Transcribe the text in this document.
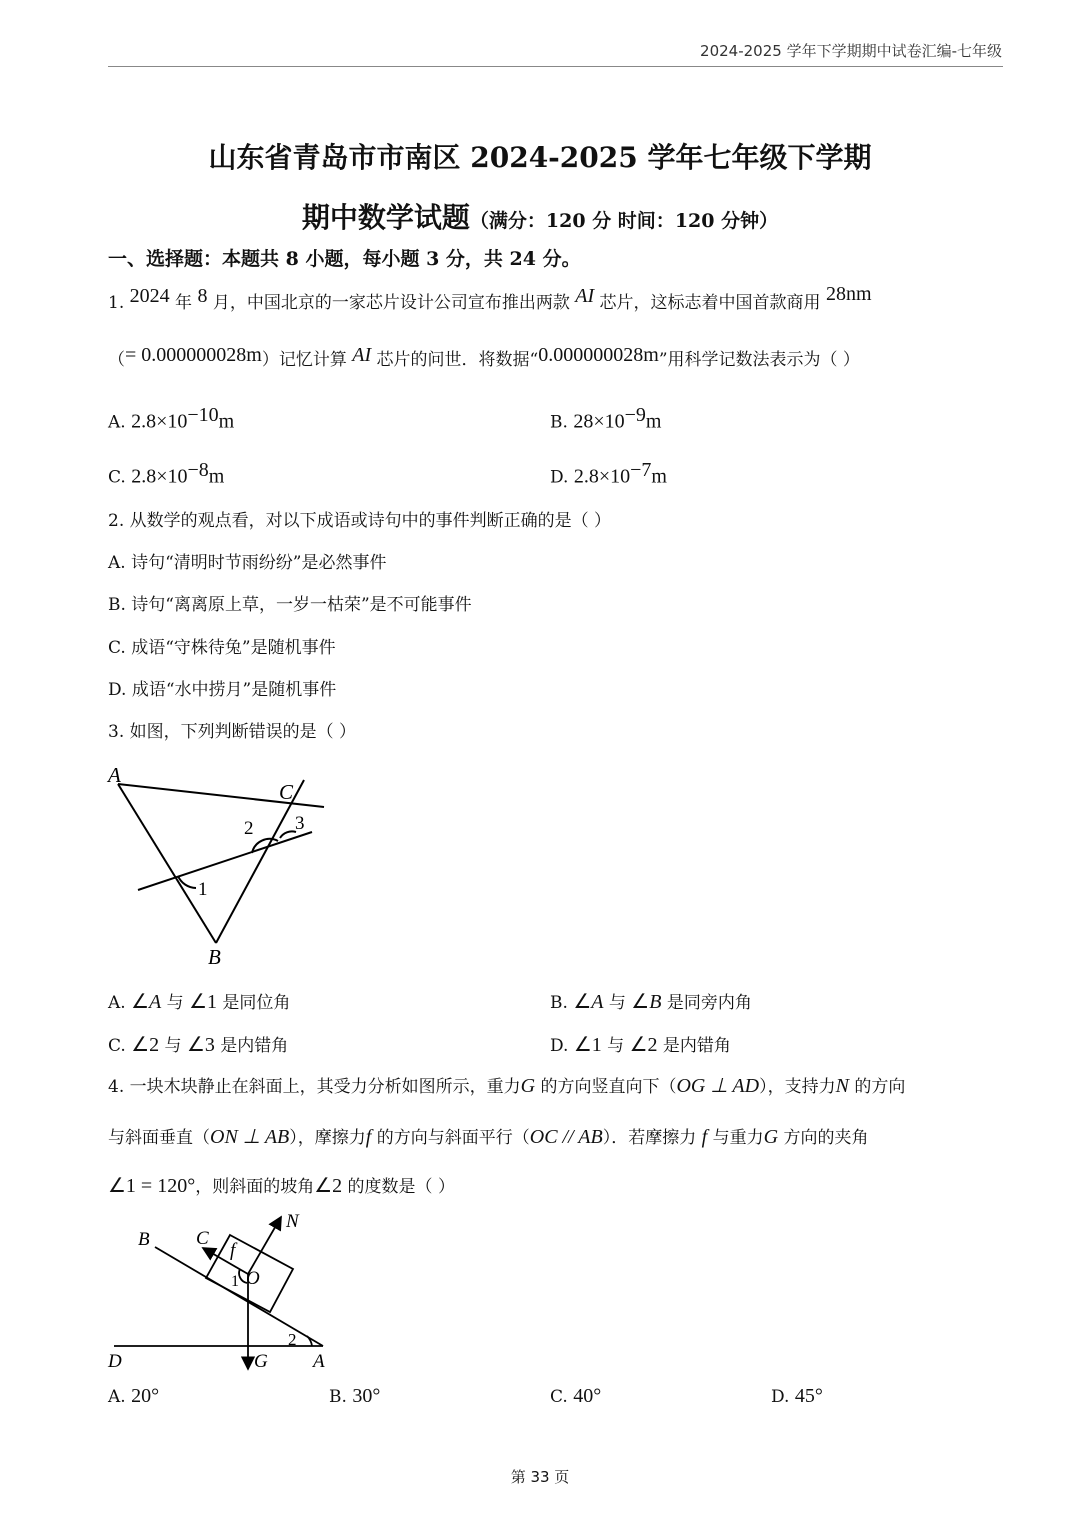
2024-2025 学年下学期期中试卷汇编-七年级
山东省青岛市市南区 2024-2025 学年七年级下学期
期中数学试题（满分：120 分 时间：120 分钟）
一、选择题：本题共 8 小题，每小题 3 分，共 24 分。
1. 2024 年 8 月，中国北京的一家芯片设计公司宣布推出两款 AI 芯片，这标志着中国首款商用 28nm
（= 0.000000028m）记忆计算 AI 芯片的问世．将数据“0.000000028m”用科学记数法表示为（ ）
A. $2.8\times 10^{-10}m$	B. $28\times 10^{-9}m$
C. $2.8\times 10^{-8}m$	D. $2.8\times 10^{-7}m$
2. 从数学的观点看，对以下成语或诗句中的事件判断正确的是（ ）
A. 诗句“清明时节雨纷纷”是必然事件
B. 诗句“离离原上草，一岁一枯荣”是不可能事件
C. 成语“守株待兔”是随机事件
D. 成语“水中捞月”是随机事件
3. 如图，下列判断错误的是（ ）
A
C
B
1
2 3
A. ∠A 与 ∠1 是同位角	B. ∠A 与 ∠B 是同旁内角
C. ∠2 与 ∠3 是内错角	D. ∠1 与 ∠2 是内错角
4. 一块木块静止在斜面上，其受力分析如图所示，重力G 的方向竖直向下（OG ⊥ AD），支持力N 的方向
与斜面垂直（ON ⊥ AB），摩擦力f 的方向与斜面平行（OC // AB）．若摩擦力 f 与重力G 方向的夹角
∠1 = 120°，则斜面的坡角∠2 的度数是（ ）
B C
f
N
1 O
2
D	G A
A. 20°	B. 30°	C. 40°	D. 45°
第 33 页
